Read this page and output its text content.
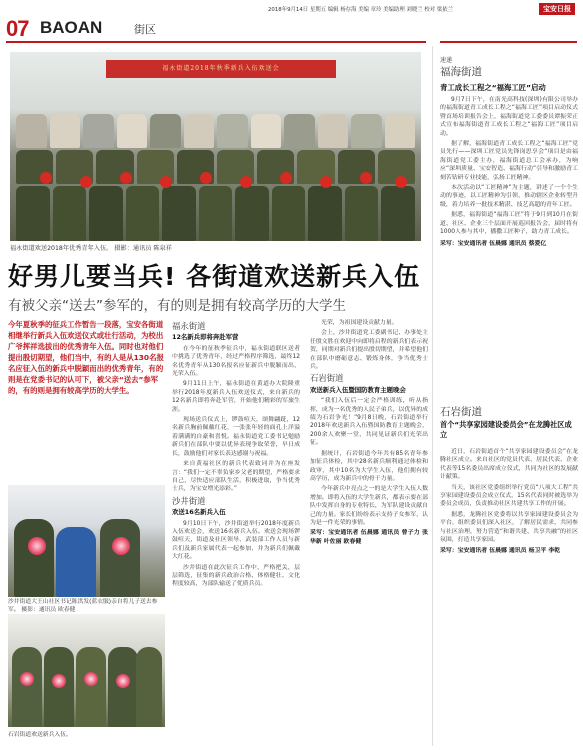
2018年9月14日 星期五 编辑 杨存海 美编 章玲 美编助理 刘晓兰 校对 梁依兰	宝安日报
07 BAOAN	街区
福永街道2018年秋季新兵入伍欢送会
福永街道欢送2018年优秀青年入伍。 摄影：通讯员 陈泉祥
好男儿要当兵! 各街道欢送新兵入伍
有被父亲“送去”参军的，有的则是拥有较高学历的大学生
今年夏秋季的征兵工作暂告一段落，宝安各街道相继举行新兵入伍欢送仪式或壮行活动，为校出广爷挥祥选拔出的优秀青年入伍。同时也对他们提出殷切期望，他们当中，有的人是从130名报名应征入伍的新兵中脱颖而出的优秀青年，有的则是在党委书记的认可下，被父亲“送去”参军的，有的则是拥有较高学历的大学生。
沙井街道大王山社区书记陈洪发(蓝衣服)亲自将儿子送去参军。 摄影：通讯员 欧春健
石岩街道欢送新兵入伍。
福永街道
12名新兵即将奔赴军营

在今年的征秋季征兵中，福永街道联区送者中挑选了优秀青年，经过严格程序筛选，最终12名优秀青年从130名报名应征新兵中脱颖而出，光荣入伍。

9月11日上午，福永街道在黄道办大院隆重举行2018年度新兵入伍欢送仪式，来自新兵的12名新兵即将奔赴军营，开始他们精彩的军旅生涯。

现场送兵仪式上，锣鼓喧天，颂舞翩跹，12名新兵胸前佩戴红花，一张张年轻的面孔上洋溢着满满的自豪和喜悦。福永街道党工委书记勉励新兵们在部队中要以优异表现争取荣誉，早日成长，鼓励他们对家长表达感谢与祝福。

来自黄福社区的新兵代表致词并为在座发言：“我们一定不辜负家乡父老的期望，严格要求自己，尽快适应部队生活，积极进取，争当优秀士兵，为宝安增光添彩。”

沙井街道
欢送16名新兵入伍

9月10日下午，沙井街道举行2018年度新兵入伍欢送会，欢送16名新兵入伍。欢送会现场锣鼓喧天，街道及社区领导、武装部工作人员与新兵们及新兵家属代表一起参加，并为新兵们佩戴大红花。

沙井街道在此次征兵工作中，严格把关，层层筛选，征集的新兵政治合格、体格健壮、文化程度较高，为部队输送了优质兵员。

光荣，为祖国建设贡献力量。

会上，沙井街道党工委副书记、办事处主任殷文胜在欢迎中向即将启程的新兵们表示祝贺，同期对新兵们提出殷切期望，并希望他们在部队中磨砺意志、锻炼身体，争当优秀士兵。

石岩街道
欢送新兵入伍暨国防教育主题晚会

“我们入伍后一定会严格训练，听从指挥，成为一名优秀的人民子弟兵，以优异的成绩为石岩争光！”9月8日晚，石岩街道举行2018年欢送新兵入伍暨国防教育主题晚会，200余人欢聚一堂，共同见证新兵们光荣出征。

据统计，石岩街道今年共有85名青年参加征兵体检，其中28名新兵顺利通过体检和政审，其中10名为大学生入伍，他们拥有较高学历，成为新兵中的骨干力量。

今年新兵中亮点之一的是大学生入伍人数增加。即将入伍的大学生新兵，都表示要在部队中发挥自身的专业特长，为军队建设贡献自己的力量。家长们纷纷表示支持子女参军，认为是一件光荣的事情。

采写：宝安通讯者 伍晨娜 通讯员 曾子力 张华新 叶佐丽 欧春健
速递
福海街道
青工成长工程之“福海工匠”启动

9月7日下午，在南光高科技(深圳)有限公司举办的福海街道青工成长工程之“福海工匠”项目启动仪式暨首场培训报告会上，福海街道党工委委员谭振荣正式宣布福海街道青工成长工程之“福海工匠”项目启动。

据了解，福海街道青工成长工程之“福海工匠”党员先行——深圳工匠党员先锋岗思享会“项目是由福海街道党工委主办，福海街道总工会承办，为响应“深圳质量、宝安智造、福海行动”引导和激励青工刻苦钻研专业技能，弘扬工匠精神。

本次活动以“工匠精神”为主题，讲述了一个个生动的事迹，以工匠精神为引领，推动辖区企业转型升级，着力培养一批技术精湛、技艺高超的青年工匠。

据悉，福海街道“福海工匠”将于9月到10月在街道、社区、企业三个层面开展巡回报告会，届时将有1000人参与其中，播撒工匠种子，助力青工成长。

采写：宝安通讯者 伍晨娜 通讯员 蔡爱亿
石岩街道
首个“共享家园建设委员会”在龙腾社区成立

近日，石岩街道首个“共享家园建设委员会”在龙腾社区成立。来自社区的党员代表、居民代表、企业代表等15名委员出席成立仪式，共同为社区的发展献计献策。

当天，该社区党委组织举行党员“八项大工程”共享家园建设委员会成立仪式，15名代表同时被选举为委员会成员，负责推动社区共建共享工作的开展。

据悉，龙腾社区党委将以共享家园建设委员会为平台，组织委员们深入社区，了解居民需求，共同参与社区治理，努力营造“和谐共建、共享共融”的社区氛围，打造共享家园。

采写：宝安通讯者 伍晨娜 通讯员 杨卫平 李乾
